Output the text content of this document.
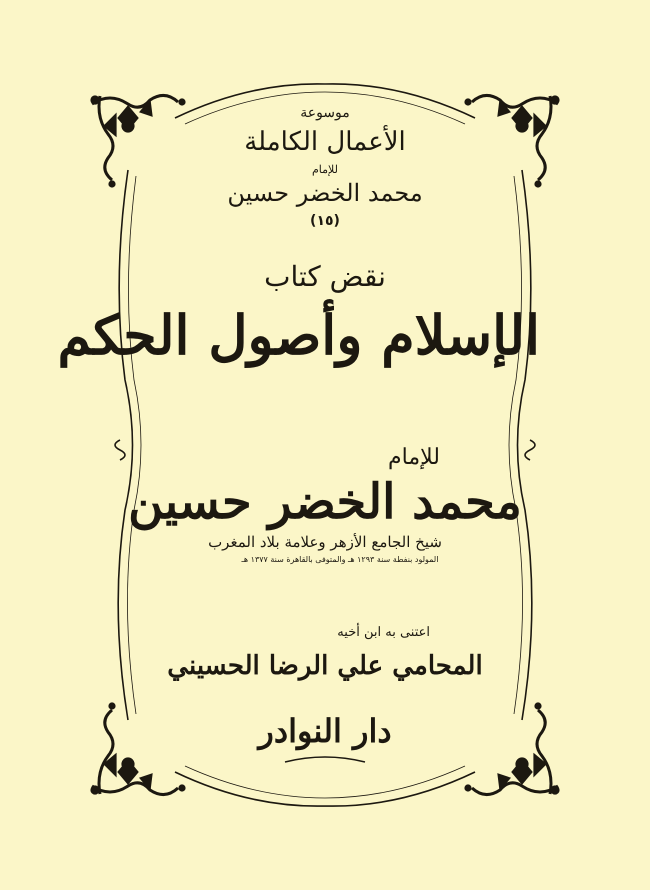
موسوعة
الأعمال الكاملة
للإمام
محمد الخضر حسين
(١٥)
نقض كتاب
الإسلام وأصول الحكم
للإمام
محمد الخضر حسين
شيخ الجامع الأزهر وعلامة بلاد المغرب
المولود بنفطة سنة ١٢٩٣ هـ والمتوفى بالقاهرة سنة ١٣٧٧ هـ
اعتنى به ابن أخيه
المحامي علي الرضا الحسيني
دار النوادر
